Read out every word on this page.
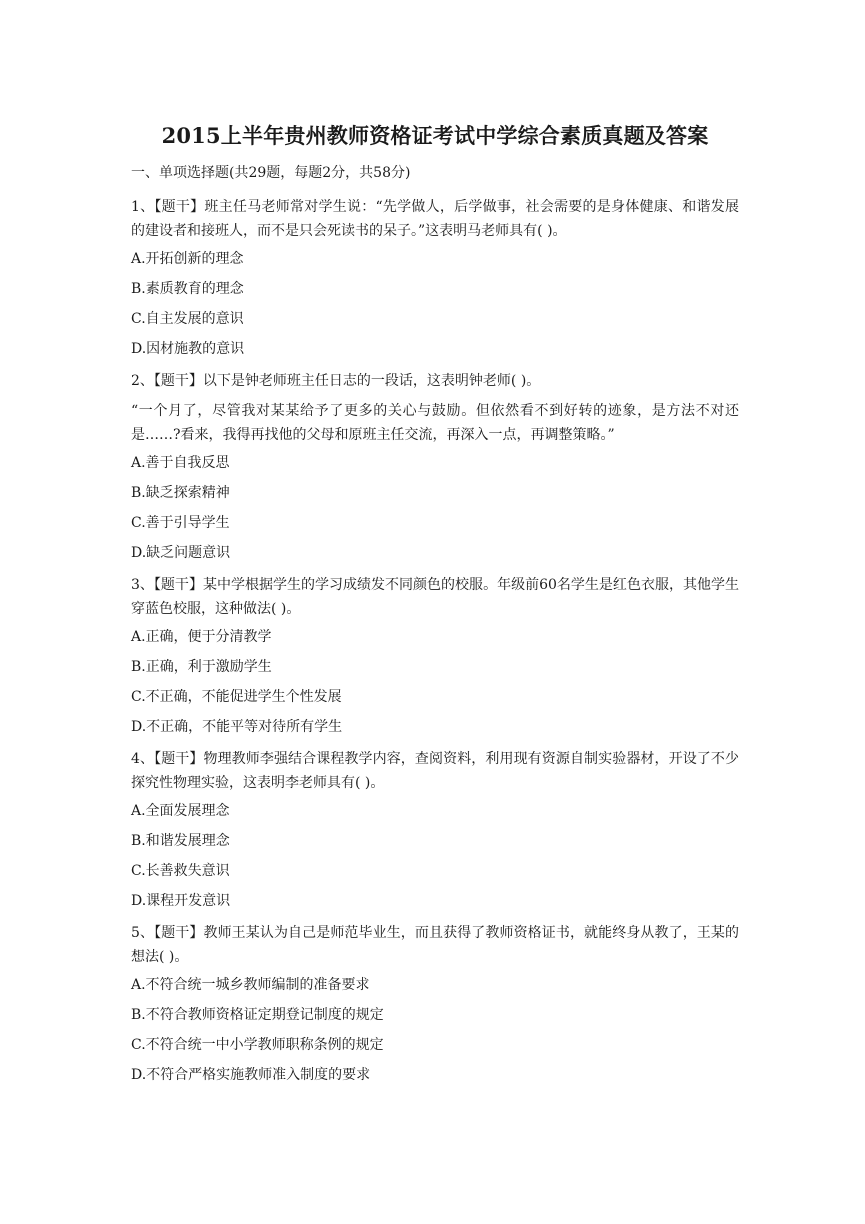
2015上半年贵州教师资格证考试中学综合素质真题及答案
一、单项选择题(共29题，每题2分，共58分)
1、【题干】班主任马老师常对学生说：“先学做人，后学做事，社会需要的是身体健康、和谐发展的建设者和接班人，而不是只会死读书的呆子。”这表明马老师具有( )。
A.开拓创新的理念
B.素质教育的理念
C.自主发展的意识
D.因材施教的意识
2、【题干】以下是钟老师班主任日志的一段话，这表明钟老师( )。
“一个月了，尽管我对某某给予了更多的关心与鼓励。但依然看不到好转的迹象，是方法不对还是……?看来，我得再找他的父母和原班主任交流，再深入一点，再调整策略。”
A.善于自我反思
B.缺乏探索精神
C.善于引导学生
D.缺乏问题意识
3、【题干】某中学根据学生的学习成绩发不同颜色的校服。年级前60名学生是红色衣服，其他学生穿蓝色校服，这种做法( )。
A.正确，便于分清教学
B.正确，利于激励学生
C.不正确，不能促进学生个性发展
D.不正确，不能平等对待所有学生
4、【题干】物理教师李强结合课程教学内容，查阅资料，利用现有资源自制实验器材，开设了不少探究性物理实验，这表明李老师具有( )。
A.全面发展理念
B.和谐发展理念
C.长善救失意识
D.课程开发意识
5、【题干】教师王某认为自己是师范毕业生，而且获得了教师资格证书，就能终身从教了，王某的想法( )。
A.不符合统一城乡教师编制的准备要求
B.不符合教师资格证定期登记制度的规定
C.不符合统一中小学教师职称条例的规定
D.不符合严格实施教师准入制度的要求
